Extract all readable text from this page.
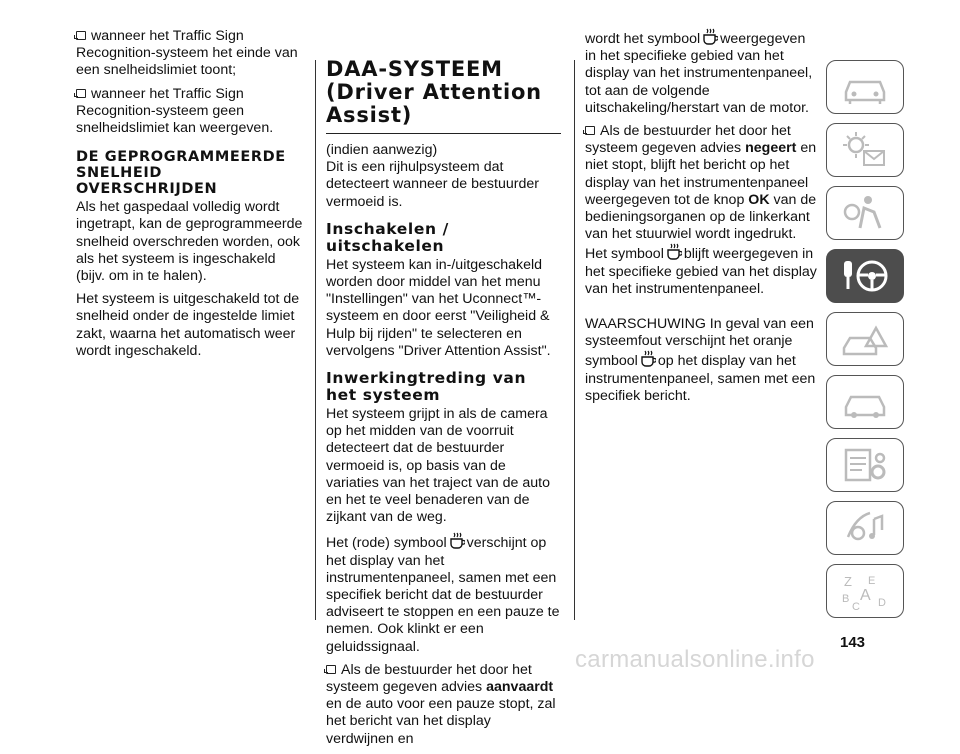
wanneer het Traffic Sign Recognition-systeem het einde van een snelheidslimiet toont;

wanneer het Traffic Sign Recognition-systeem geen snelheidslimiet kan weergeven.

DE GEPROGRAMMEERDE SNELHEID OVERSCHRIJDEN

Als het gaspedaal volledig wordt ingetrapt, kan de geprogrammeerde snelheid overschreden worden, ook als het systeem is ingeschakeld (bijv. om in te halen).

Het systeem is uitgeschakeld tot de snelheid onder de ingestelde limiet zakt, waarna het automatisch weer wordt ingeschakeld.

DAA-SYSTEEM (Driver Attention Assist)

(indien aanwezig)

Dit is een rijhulpsysteem dat detecteert wanneer de bestuurder vermoeid is.

Inschakelen / uitschakelen

Het systeem kan in-/uitgeschakeld worden door middel van het menu "Instellingen" van het Uconnect™-systeem en door eerst "Veiligheid & Hulp bij rijden" te selecteren en vervolgens "Driver Attention Assist".

Inwerkingtreding van het systeem

Het systeem grijpt in als de camera op het midden van de voorruit detecteert dat de bestuurder vermoeid is, op basis van de variaties van het traject van de auto en het te veel benaderen van de zijkant van de weg.

Het (rode) symbool verschijnt op het display van het instrumentenpaneel, samen met een specifiek bericht dat de bestuurder adviseert te stoppen en een pauze te nemen. Ook klinkt er een geluidssignaal.

Als de bestuurder het door het systeem gegeven advies aanvaardt en de auto voor een pauze stopt, zal het bericht van het display verdwijnen en

wordt het symbool weergegeven in het specifieke gebied van het display van het instrumentenpaneel, tot aan de volgende uitschakeling/herstart van de motor.

Als de bestuurder het door het systeem gegeven advies negeert en niet stopt, blijft het bericht op het display van het instrumentenpaneel weergegeven tot de knop OK van de bedieningsorganen op de linkerkant van het stuurwiel wordt ingedrukt. Het symbool blijft weergegeven in het specifieke gebied van het display van het instrumentenpaneel.

WAARSCHUWING In geval van een systeemfout verschijnt het oranje symbool op het display van het instrumentenpaneel, samen met een specifiek bericht.

Z E
B A
C D
143
carmanualsonline.info
